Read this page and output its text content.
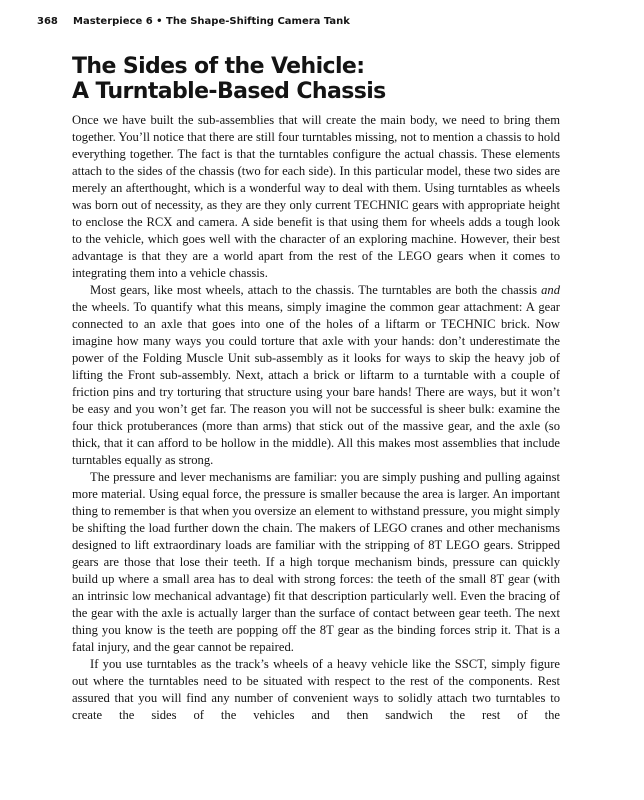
368 Masterpiece 6 • The Shape-Shifting Camera Tank
The Sides of the Vehicle:
A Turntable-Based Chassis

Once we have built the sub-assemblies that will create the main body, we need to bring them together. You’ll notice that there are still four turntables missing, not to mention a chassis to hold everything together. The fact is that the turntables configure the actual chassis. These elements attach to the sides of the chassis (two for each side). In this particular model, these two sides are merely an afterthought, which is a wonderful way to deal with them. Using turntables as wheels was born out of necessity, as they are they only current TECHNIC gears with appropriate height to enclose the RCX and camera. A side benefit is that using them for wheels adds a tough look to the vehicle, which goes well with the character of an exploring machine. However, their best advantage is that they are a world apart from the rest of the LEGO gears when it comes to integrating them into a vehicle chassis.

Most gears, like most wheels, attach to the chassis. The turntables are both the chassis and the wheels. To quantify what this means, simply imagine the common gear attachment: A gear connected to an axle that goes into one of the holes of a liftarm or TECHNIC brick. Now imagine how many ways you could torture that axle with your hands: don’t underestimate the power of the Folding Muscle Unit sub-assembly as it looks for ways to skip the heavy job of lifting the Front sub-assembly. Next, attach a brick or liftarm to a turntable with a couple of friction pins and try torturing that structure using your bare hands! There are ways, but it won’t be easy and you won’t get far. The reason you will not be successful is sheer bulk: examine the four thick protuberances (more than arms) that stick out of the massive gear, and the axle (so thick, that it can afford to be hollow in the middle). All this makes most assemblies that include turntables equally as strong.

The pressure and lever mechanisms are familiar: you are simply pushing and pulling against more material. Using equal force, the pressure is smaller because the area is larger. An important thing to remember is that when you oversize an element to withstand pressure, you might simply be shifting the load further down the chain. The makers of LEGO cranes and other mechanisms designed to lift extraordinary loads are familiar with the stripping of 8T LEGO gears. Stripped gears are those that lose their teeth. If a high torque mechanism binds, pressure can quickly build up where a small area has to deal with strong forces: the teeth of the small 8T gear (with an intrinsic low mechanical advantage) fit that description particularly well. Even the bracing of the gear with the axle is actually larger than the surface of contact between gear teeth. The next thing you know is the teeth are popping off the 8T gear as the binding forces strip it. That is a fatal injury, and the gear cannot be repaired.

If you use turntables as the track’s wheels of a heavy vehicle like the SSCT, simply figure out where the turntables need to be situated with respect to the rest of the components. Rest assured that you will find any number of convenient ways to solidly attach two turntables to create the sides of the vehicles and then sandwich the rest of the
